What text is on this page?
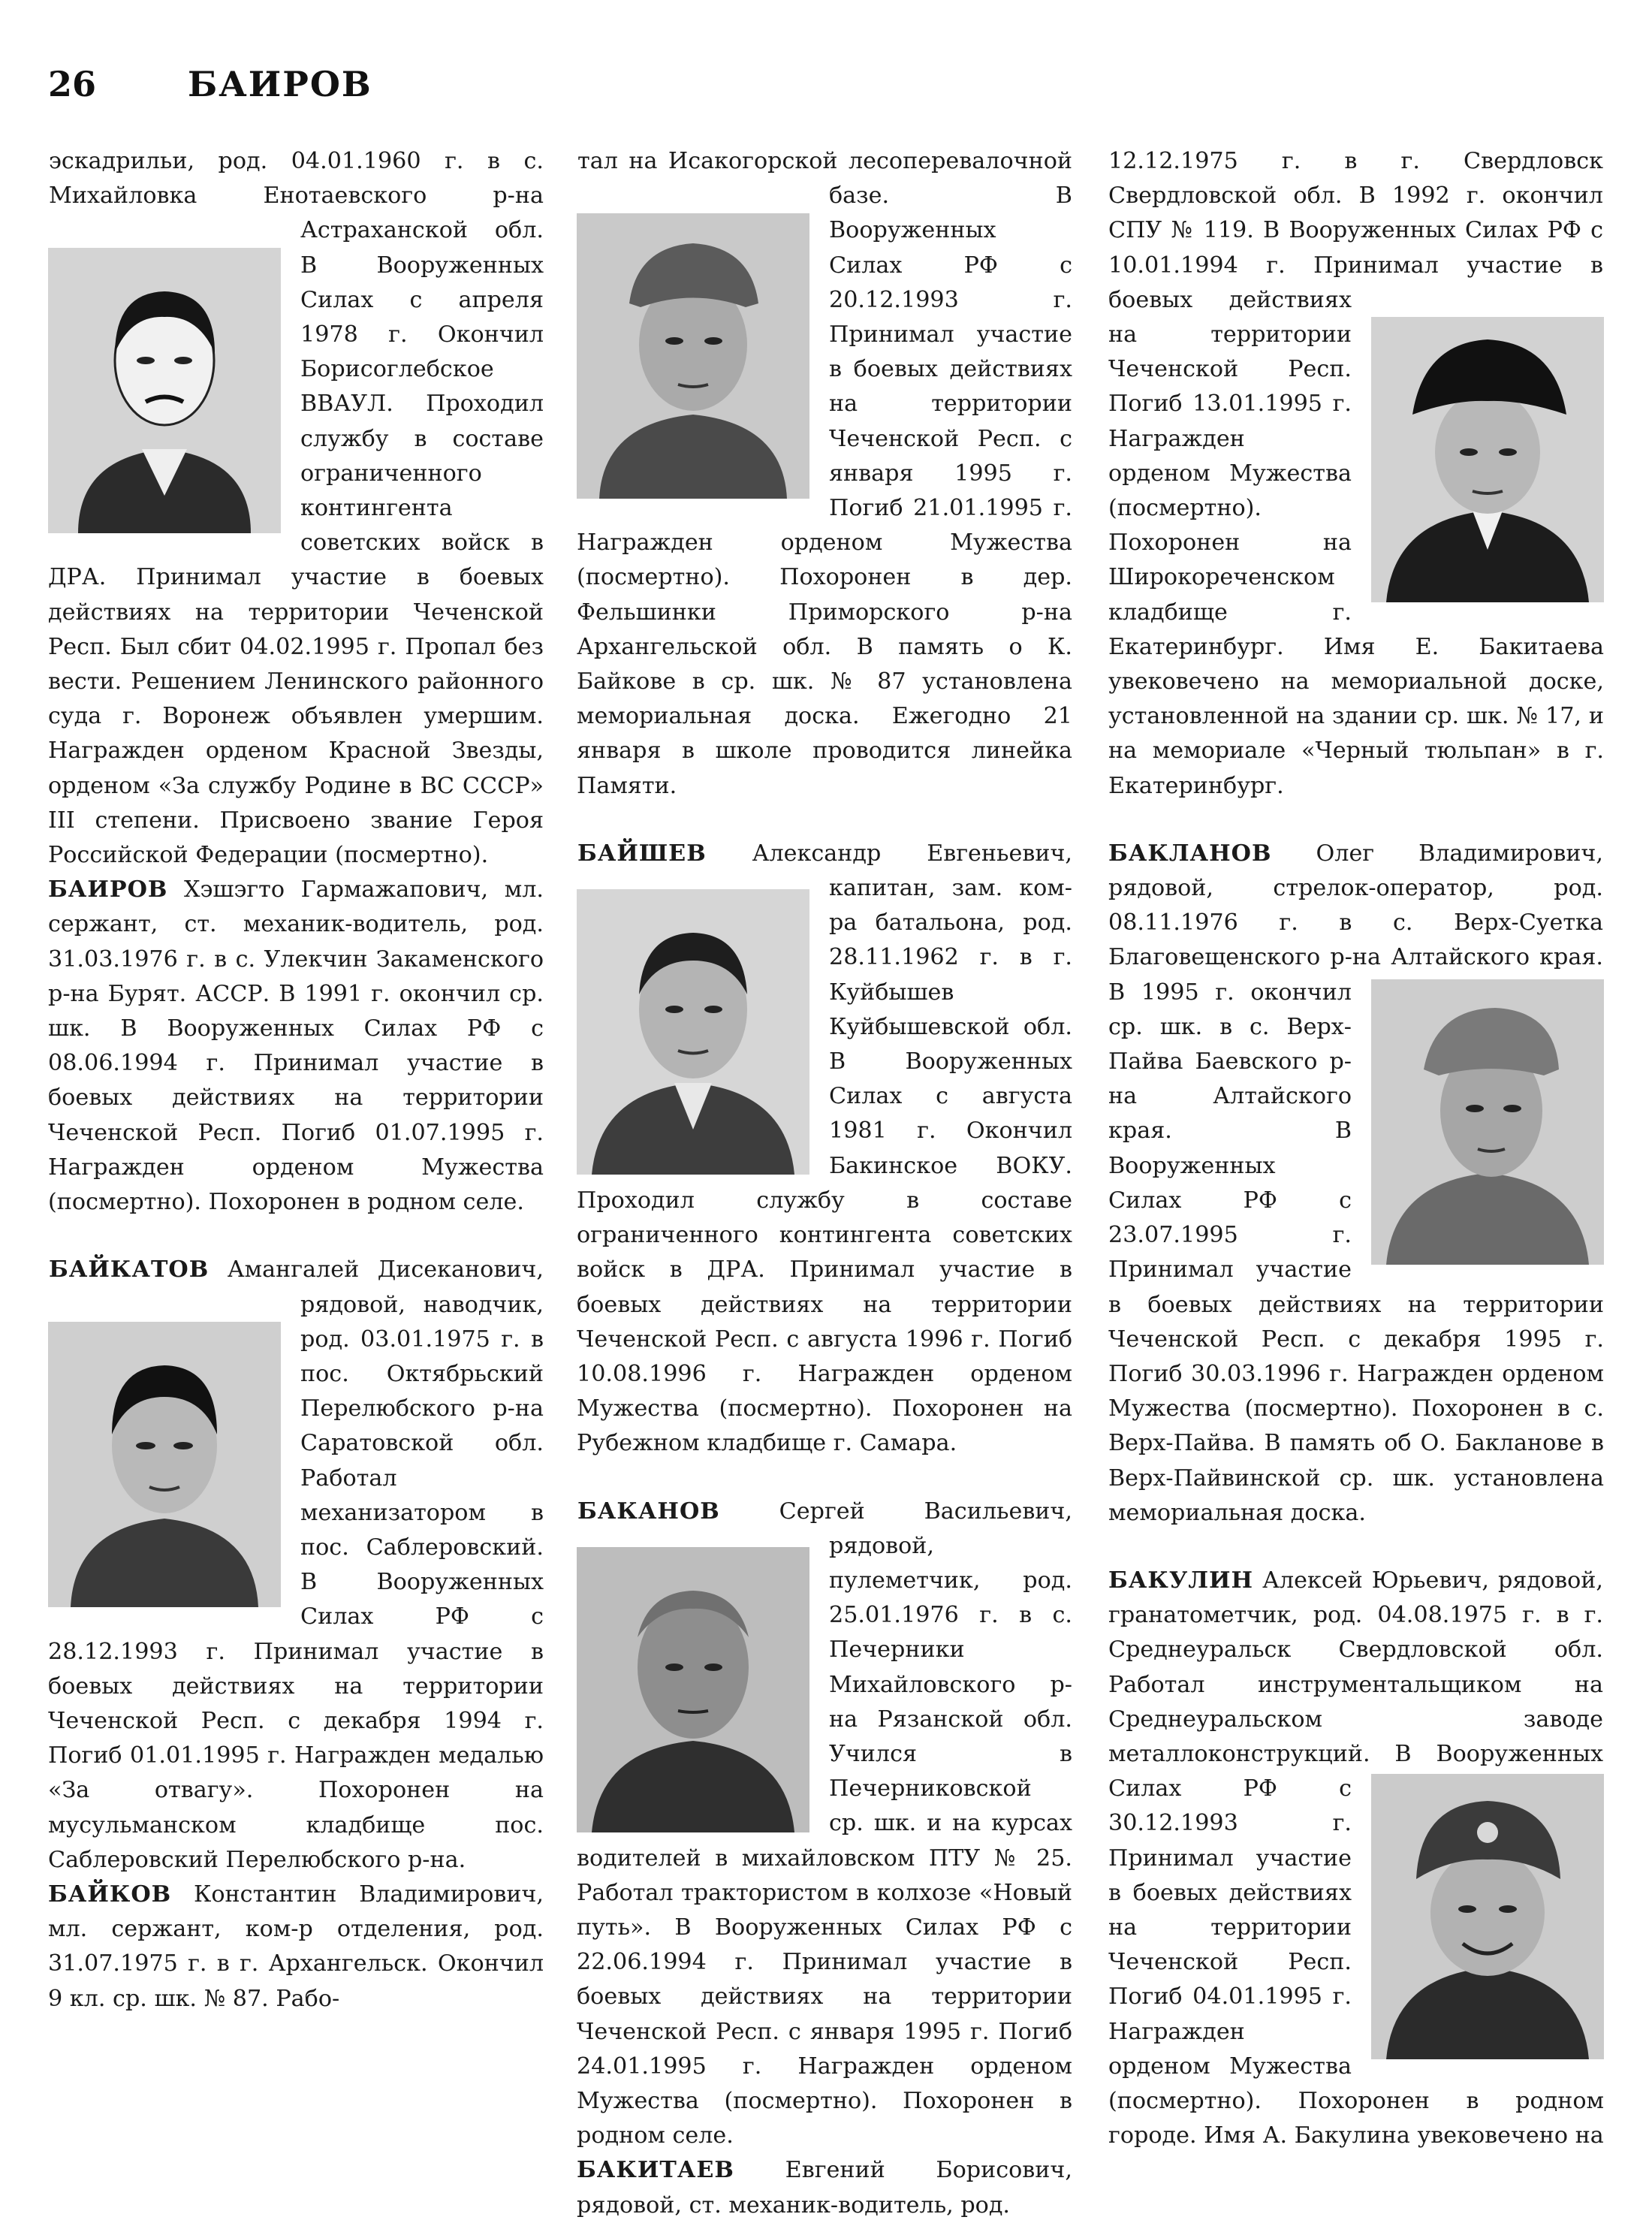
26	БАИРОВ

эскадрильи, род. 04.01.1960 г. в с. Михайловка Енотаевского р-на Астраханской обл. В Вооруженных Силах с апреля 1978 г. Окончил Борисоглебское ВВАУЛ. Проходил службу в составе ограниченного контингента советских войск в ДРА. Принимал участие в боевых действиях на территории Чеченской Респ. Был сбит 04.02.1995 г. Пропал без вести. Решением Ленинского районного суда г. Воронеж объявлен умершим. Награжден орденом Красной Звезды, орденом «За службу Родине в ВС СССР» III степени. Присвоено звание Героя Российской Федерации (посмертно).

БАИРОВ Хэшэгто Гармажапович, мл. сержант, ст. механик-водитель, род. 31.03.1976 г. в с. Улекчин Закаменского р-на Бурят. АССР. В 1991 г. окончил ср. шк. В Вооруженных Силах РФ с 08.06.1994 г. Принимал участие в боевых действиях на территории Чеченской Респ. Погиб 01.07.1995 г. Награжден орденом Мужества (посмертно). Похоронен в родном селе.

БАЙКАТОВ Амангалей Дисеканович, рядовой, наводчик, род. 03.01.1975 г. в пос. Октябрьский Перелюбского р-на Саратовской обл. Работал механизатором в пос. Саблеровский. В Вооруженных Силах РФ с 28.12.1993 г. Принимал участие в боевых действиях на территории Чеченской Респ. с декабря 1994 г. Погиб 01.01.1995 г. Награжден медалью «За отвагу». Похоронен на мусульманском кладбище пос. Саблеровский Перелюбского р-на.

БАЙКОВ Константин Владимирович, мл. сержант, ком-р отделения, род. 31.07.1975 г. в г. Архангельск. Окончил 9 кл. ср. шк. № 87. Рабо-

тал на Исакогорской лесоперевалочной базе. В Вооруженных Силах РФ с 20.12.1993 г. Принимал участие в боевых действиях на территории Чеченской Респ. с января 1995 г. Погиб 21.01.1995 г. Награжден орденом Мужества (посмертно). Похоронен в дер. Фельшинки Приморского р-на Архангельской обл. В память о К. Байкове в ср. шк. № 87 установлена мемориальная доска. Ежегодно 21 января в школе проводится линейка Памяти.

БАЙШЕВ Александр Евгеньевич, капитан, зам. ком-ра батальона, род. 28.11.1962 г. в г. Куйбышев Куйбышевской обл. В Вооруженных Силах с августа 1981 г. Окончил Бакинское ВОКУ. Проходил службу в составе ограниченного контингента советских войск в ДРА. Принимал участие в боевых действиях на территории Чеченской Респ. с августа 1996 г. Погиб 10.08.1996 г. Награжден орденом Мужества (посмертно). Похоронен на Рубежном кладбище г. Самара.
БАКАНОВ	Сергей Васильевич, рядовой, пулеметчик, род. 25.01.1976 г. в с. Печерники Михайловского р-на Рязанской обл. Учился в Печерниковской ср. шк. и на курсах водителей в михайловском ПТУ № 25. Работал трактористом в колхозе «Новый путь». В Вооруженных Силах РФ с 22.06.1994 г. Принимал участие в боевых действиях на территории Чеченской Респ. с января 1995 г. Погиб 24.01.1995 г. Награжден орденом Мужества (посмертно). Похоронен в родном селе.

БАКИТАЕВ Евгений Борисович, рядовой, ст. механик-водитель, род.

12.12.1975 г. в г. Свердловск Свердловской обл. В 1992 г. окончил СПУ № 119. В Вооруженных Силах РФ с 10.01.1994 г. Принимал участие в боевых действиях на территории Чеченской Респ. Погиб 13.01.1995 г. Награжден орденом Мужества (посмертно). Похоронен на Широкореченском кладбище г. Екатеринбург. Имя Е. Бакитаева увековечено на мемориальной доске, установленной на здании ср. шк. № 17, и на мемориале «Черный тюльпан» в г. Екатеринбург.

БАКЛАНОВ Олег Владимирович, рядовой, стрелок-оператор, род. 08.11.1976 г. в с. Верх-Суетка Благовещенского р-на Алтайского края. В 1995 г. окончил ср. шк. в с. Верх-Пайва Баевского р-на Алтайского края. В Вооруженных Силах РФ с 23.07.1995 г. Принимал участие в боевых действиях на территории Чеченской Респ. с декабря 1995 г. Погиб 30.03.1996 г. Награжден орденом Мужества (посмертно). Похоронен в с. Верх-Пайва. В память об О. Бакланове в Верх-Пайвинской ср. шк. установлена мемориальная доска.
БАКУЛИН Алексей Юрьевич, рядовой, гранатометчик, род. 04.08.1975 г. в г. Среднеуральск Свердловской обл. Работал инструментальщиком на Среднеуральском заводе металлоконструкций. В Вооруженных Силах РФ с 30.12.1993 г. Принимал участие в боевых действиях на территории Чеченской Респ. Погиб 04.01.1995 г. Награжден орденом Мужества (посмертно). Похоронен в родном городе. Имя А. Бакулина увековечено на
